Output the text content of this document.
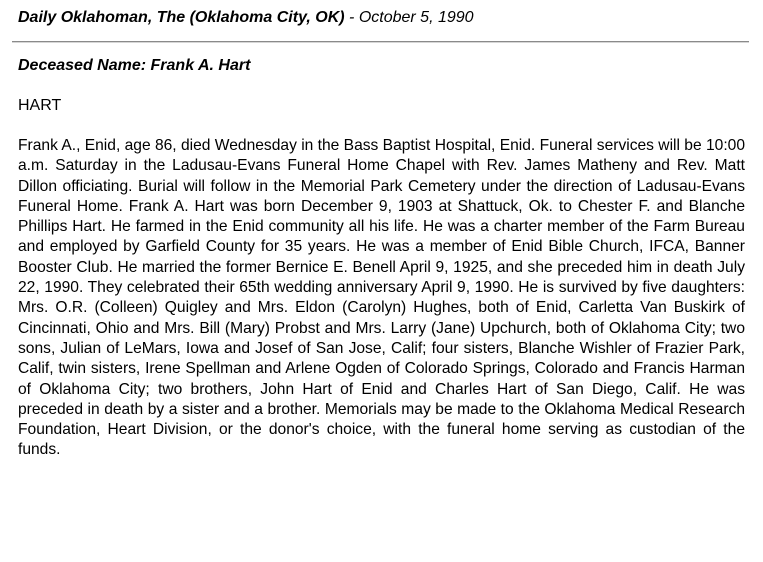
Daily Oklahoman, The (Oklahoma City, OK) - October 5, 1990
Deceased Name: Frank A. Hart
HART

Frank A., Enid, age 86, died Wednesday in the Bass Baptist Hospital, Enid. Funeral services will be 10:00 a.m. Saturday in the Ladusau-Evans Funeral Home Chapel with Rev. James Matheny and Rev. Matt Dillon officiating. Burial will follow in the Memorial Park Cemetery under the direction of Ladusau-Evans Funeral Home. Frank A. Hart was born December 9, 1903 at Shattuck, Ok. to Chester F. and Blanche Phillips Hart. He farmed in the Enid community all his life. He was a charter member of the Farm Bureau and employed by Garfield County for 35 years. He was a member of Enid Bible Church, IFCA, Banner Booster Club. He married the former Bernice E. Benell April 9, 1925, and she preceded him in death July 22, 1990. They celebrated their 65th wedding anniversary April 9, 1990. He is survived by five daughters: Mrs. O.R. (Colleen) Quigley and Mrs. Eldon (Carolyn) Hughes, both of Enid, Carletta Van Buskirk of Cincinnati, Ohio and Mrs. Bill (Mary) Probst and Mrs. Larry (Jane) Upchurch, both of Oklahoma City; two sons, Julian of LeMars, Iowa and Josef of San Jose, Calif; four sisters, Blanche Wishler of Frazier Park, Calif, twin sisters, Irene Spellman and Arlene Ogden of Colorado Springs, Colorado and Francis Harman of Oklahoma City; two brothers, John Hart of Enid and Charles Hart of San Diego, Calif. He was preceded in death by a sister and a brother. Memorials may be made to the Oklahoma Medical Research Foundation, Heart Division, or the donor's choice, with the funeral home serving as custodian of the funds.
